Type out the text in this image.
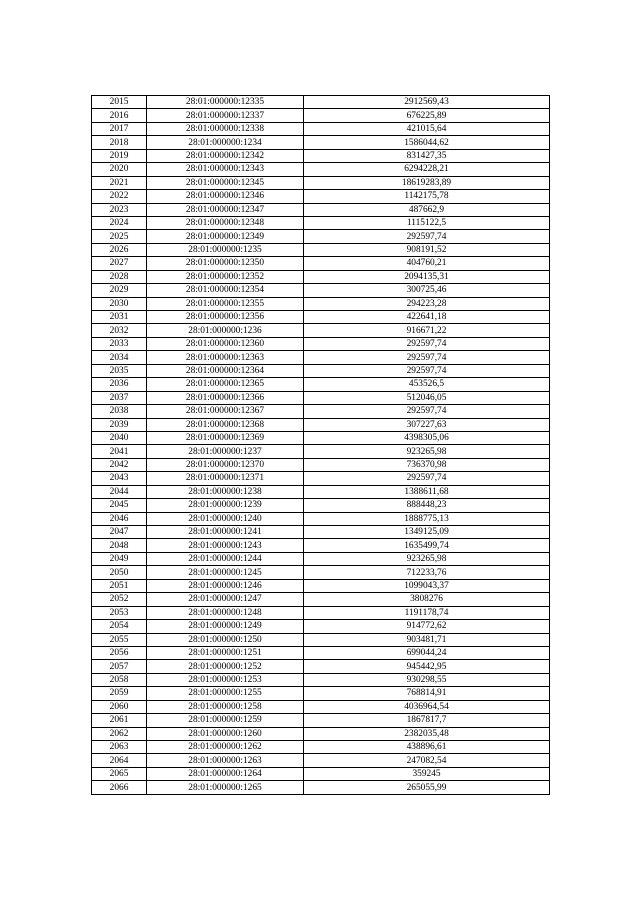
2015	28:01:000000:12335	2912569,43
2016	28:01:000000:12337	676225,89
2017	28:01:000000:12338	421015,64
2018	28:01:000000:1234	1586044,62
2019	28:01:000000:12342	831427,35
2020	28:01:000000:12343	6294228,21
2021	28:01:000000:12345	18619283,89
2022	28:01:000000:12346	1142175,78
2023	28:01:000000:12347	487662,9
2024	28:01:000000:12348	1115122,5
2025	28:01:000000:12349	292597,74
2026	28:01:000000:1235	908191,52
2027	28:01:000000:12350	404760,21
2028	28:01:000000:12352	2094135,31
2029	28:01:000000:12354	300725,46
2030	28:01:000000:12355	294223,28
2031	28:01:000000:12356	422641,18
2032	28:01:000000:1236	916671,22
2033	28:01:000000:12360	292597,74
2034	28:01:000000:12363	292597,74
2035	28:01:000000:12364	292597,74
2036	28:01:000000:12365	453526,5
2037	28:01:000000:12366	512046,05
2038	28:01:000000:12367	292597,74
2039	28:01:000000:12368	307227,63
2040	28:01:000000:12369	4398305,06
2041	28:01:000000:1237	923265,98
2042	28:01:000000:12370	736370,98
2043	28:01:000000:12371	292597,74
2044	28:01:000000:1238	1388611,68
2045	28:01:000000:1239	888448,23
2046	28:01:000000:1240	1888775,13
2047	28:01:000000:1241	1349125,09
2048	28:01:000000:1243	1635499,74
2049	28:01:000000:1244	923265,98
2050	28:01:000000:1245	712233,76
2051	28:01:000000:1246	1099043,37
2052	28:01:000000:1247	3808276
2053	28:01:000000:1248	1191178,74
2054	28:01:000000:1249	914772,62
2055	28:01:000000:1250	903481,71
2056	28:01:000000:1251	699044,24
2057	28:01:000000:1252	945442,95
2058	28:01:000000:1253	930298,55
2059	28:01:000000:1255	768814,91
2060	28:01:000000:1258	4036964,54
2061	28:01:000000:1259	1867817,7
2062	28:01:000000:1260	2382035,48
2063	28:01:000000:1262	438896,61
2064	28:01:000000:1263	247082,54
2065	28:01:000000:1264	359245
2066	28:01:000000:1265	265055,99
